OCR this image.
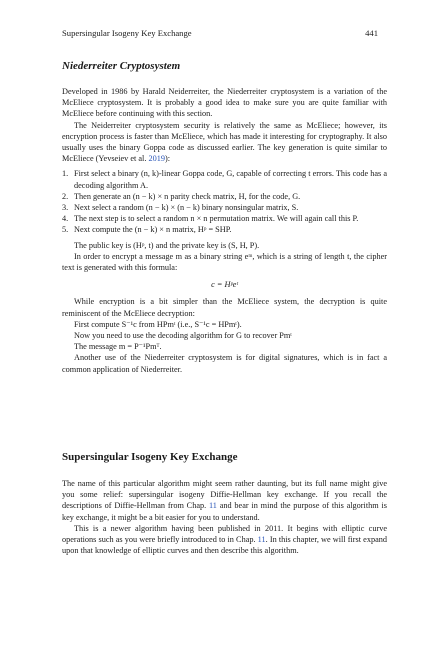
Supersingular Isogeny Key Exchange	441
Niederreiter Cryptosystem

Developed in 1986 by Harald Neiderreiter, the Niederreiter cryptosystem is a variation of the McEliece cryptosystem. It is probably a good idea to make sure you are quite familiar with McEliece before continuing with this section.

The Neiderreiter cryptosystem security is relatively the same as McEliece; however, its encryption process is faster than McEliece, which has made it interesting for cryptography. It also usually uses the binary Goppa code as discussed earlier. The key generation is quite similar to McEliece (Yevseiev et al. 2019):

1. First select a binary (n, k)-linear Goppa code, G, capable of correcting t errors. This code has a decoding algorithm A.
2. Then generate an (n − k) × n parity check matrix, H, for the code, G.
3. Next select a random (n − k) × (n − k) binary nonsingular matrix, S.
4. The next step is to select a random n × n permutation matrix. We will again call this P.
5. Next compute the (n − k) × n matrix, Hᵖ = SHP.

The public key is (Hᵖ, t) and the private key is (S, H, P).

In order to encrypt a message m as a binary string eᵐ, which is a string of length t, the cipher text is generated with this formula:

c = Hᵖeᵗ

While encryption is a bit simpler than the McEliece system, the decryption is quite reminiscent of the McEliece decryption:

First compute S⁻¹c from HPmᵗ (i.e., S⁻¹c = HPmᵗ).

Now you need to use the decoding algorithm for G to recover Pmᵗ

The message m = P⁻¹Pmᵀ.

Another use of the Niederreiter cryptosystem is for digital signatures, which is in fact a common application of Niederreiter.

Supersingular Isogeny Key Exchange

The name of this particular algorithm might seem rather daunting, but its full name might give you some relief: supersingular isogeny Diffie-Hellman key exchange. If you recall the descriptions of Diffie-Hellman from Chap. 11 and bear in mind the purpose of this algorithm is key exchange, it might be a bit easier for you to understand.

This is a newer algorithm having been published in 2011. It begins with elliptic curve operations such as you were briefly introduced to in Chap. 11. In this chapter, we will first expand upon that knowledge of elliptic curves and then describe this algorithm.
